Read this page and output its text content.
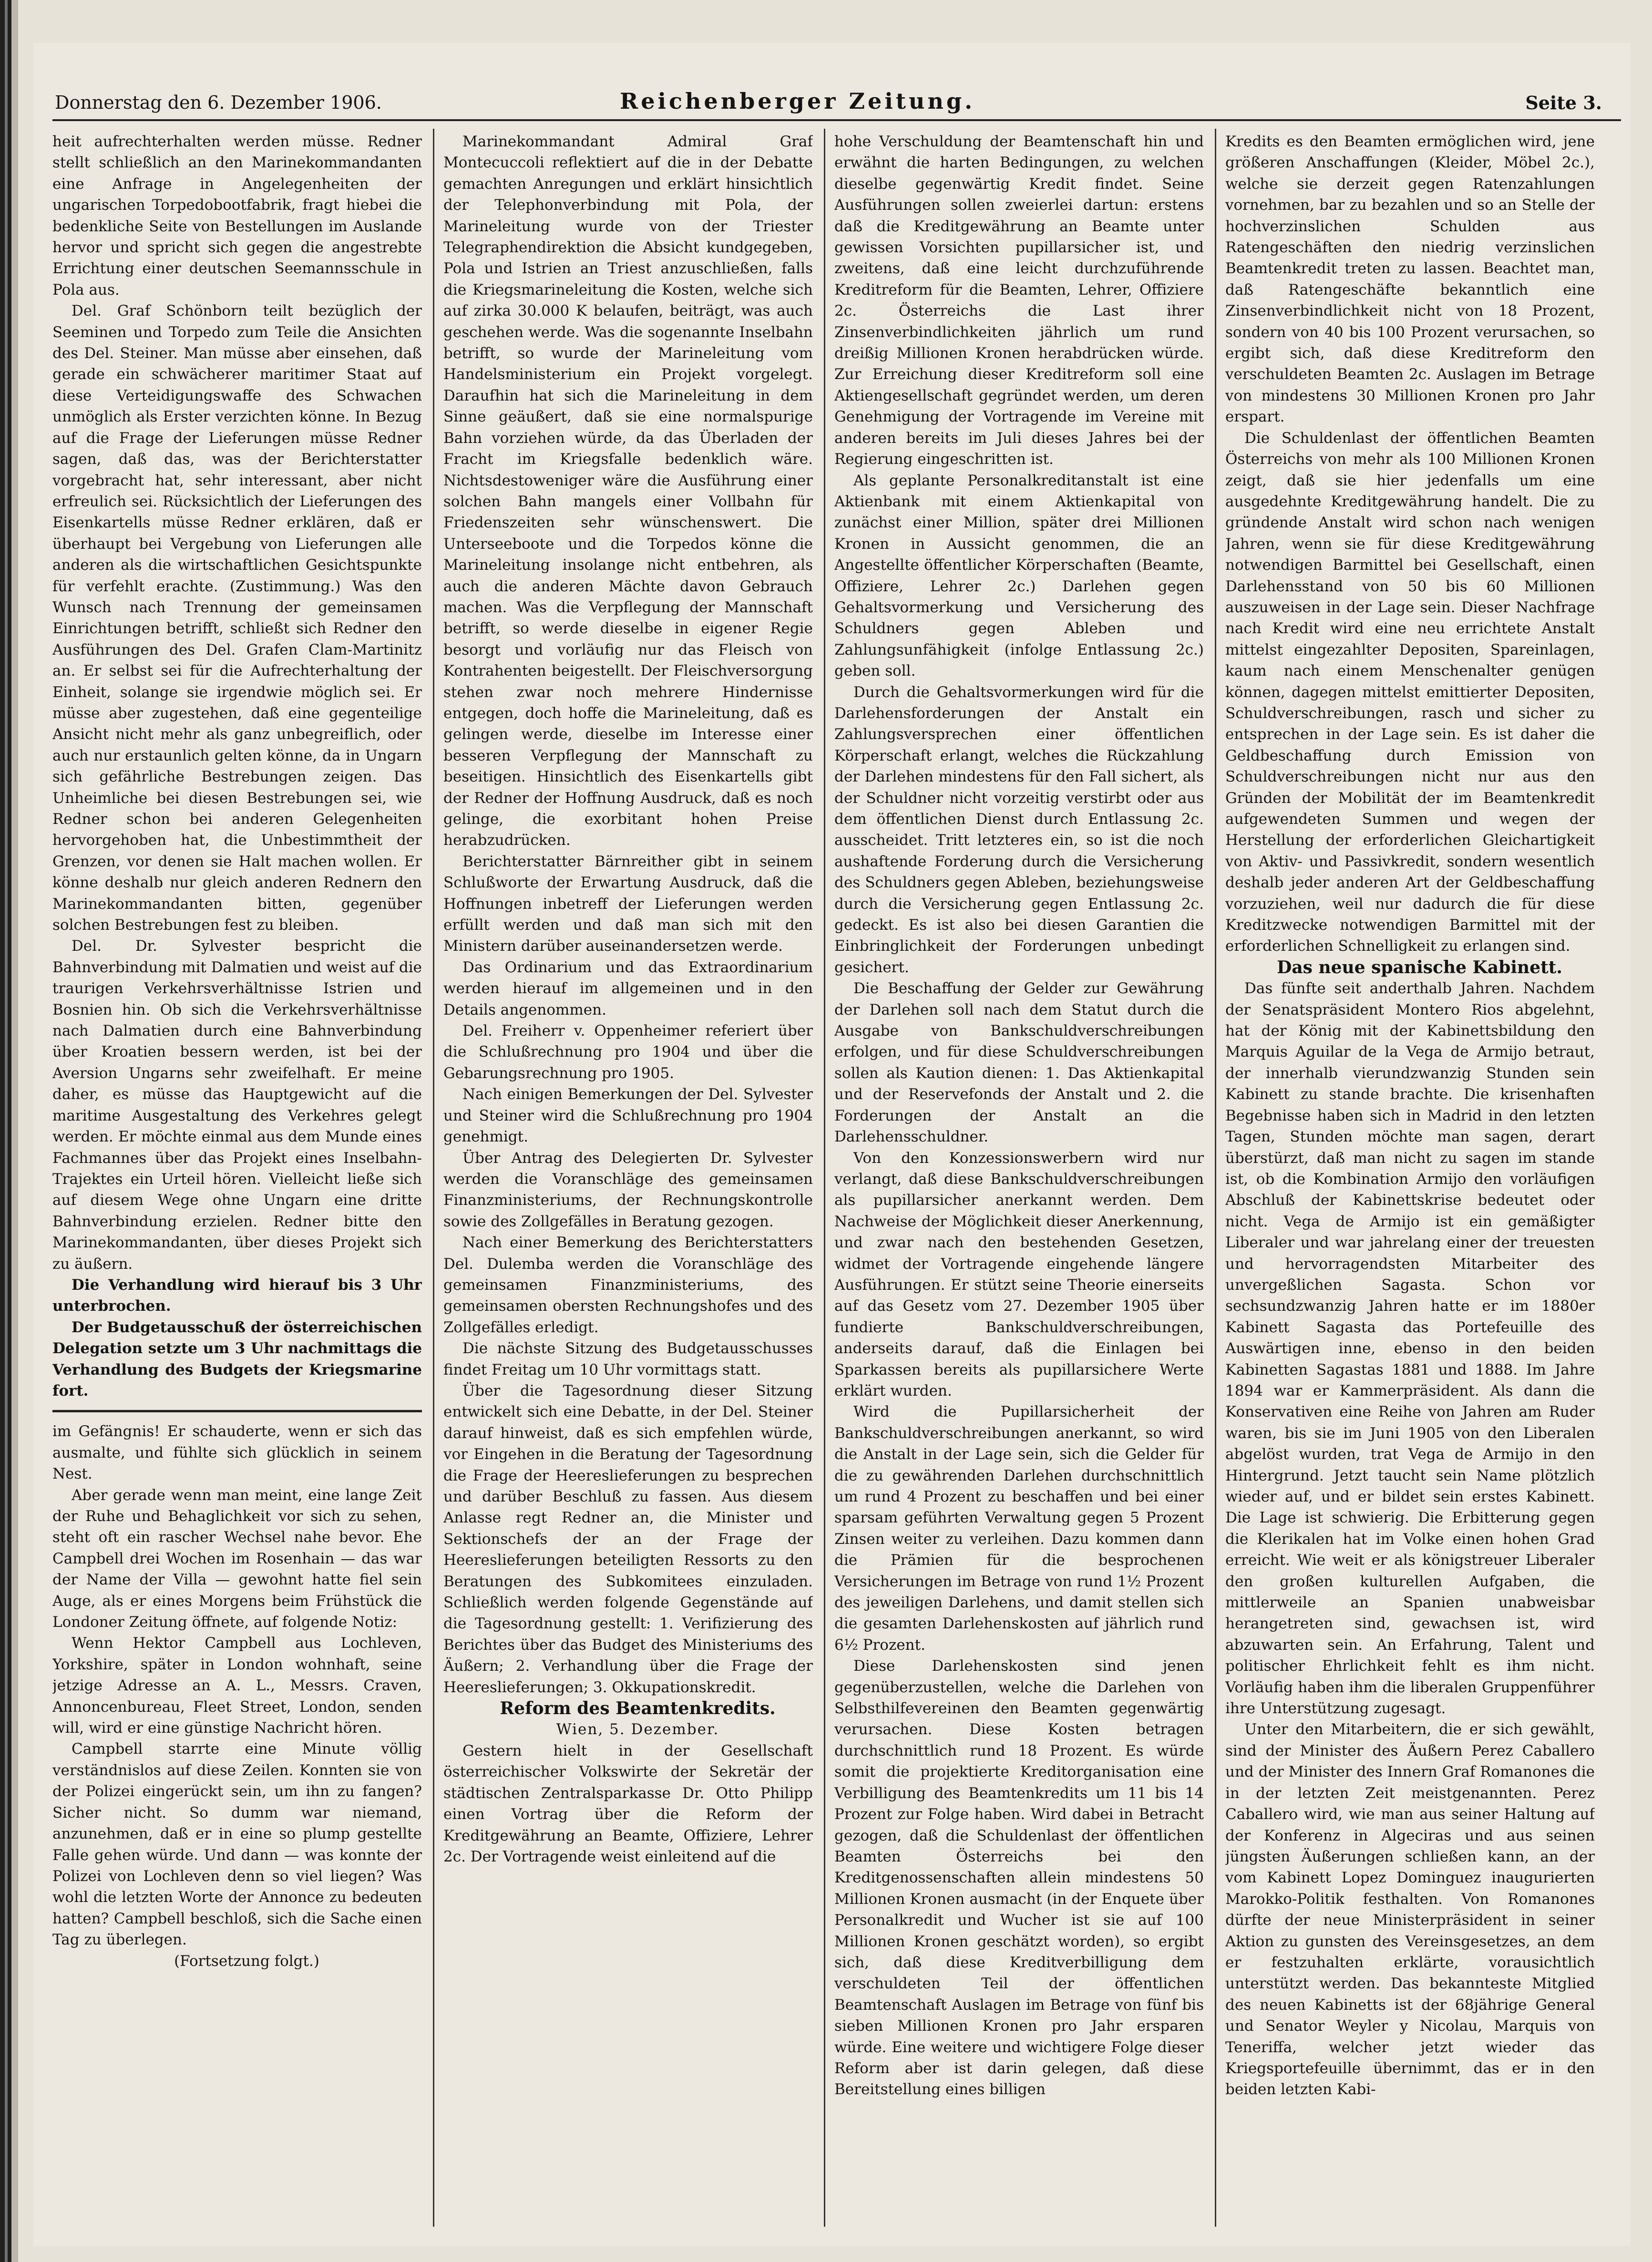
Donnerstag den 6. Dezember 1906.	Reichenberger Zeitung.	Seite 3.

heit aufrechterhalten werden müsse. Redner stellt schließlich an den Marinekommandanten eine Anfrage in Angelegenheiten der ungarischen Torpedobootfabrik, fragt hiebei die bedenkliche Seite von Bestellungen im Auslande hervor und spricht sich gegen die angestrebte Errichtung einer deutschen Seemannsschule in Pola aus.

Del. Graf Schönborn teilt bezüglich der Seeminen und Torpedo zum Teile die Ansichten des Del. Steiner. Man müsse aber einsehen, daß gerade ein schwächerer maritimer Staat auf diese Verteidigungswaffe des Schwachen unmöglich als Erster verzichten könne. In Bezug auf die Frage der Lieferungen müsse Redner sagen, daß das, was der Berichterstatter vorgebracht hat, sehr interessant, aber nicht erfreulich sei. Rücksichtlich der Lieferungen des Eisenkartells müsse Redner erklären, daß er überhaupt bei Vergebung von Lieferungen alle anderen als die wirtschaftlichen Gesichtspunkte für verfehlt erachte. (Zustimmung.) Was den Wunsch nach Trennung der gemeinsamen Einrichtungen betrifft, schließt sich Redner den Ausführungen des Del. Grafen Clam-Martinitz an. Er selbst sei für die Aufrechterhaltung der Einheit, solange sie irgendwie möglich sei. Er müsse aber zugestehen, daß eine gegenteilige Ansicht nicht mehr als ganz unbegreiflich, oder auch nur erstaunlich gelten könne, da in Ungarn sich gefährliche Bestrebungen zeigen. Das Unheimliche bei diesen Bestrebungen sei, wie Redner schon bei anderen Gelegenheiten hervorgehoben hat, die Unbestimmtheit der Grenzen, vor denen sie Halt machen wollen. Er könne deshalb nur gleich anderen Rednern den Marinekommandanten bitten, gegenüber solchen Bestrebungen fest zu bleiben.

Del. Dr. Sylvester bespricht die Bahnverbindung mit Dalmatien und weist auf die traurigen Verkehrsverhältnisse Istrien und Bosnien hin. Ob sich die Verkehrsverhältnisse nach Dalmatien durch eine Bahnverbindung über Kroatien bessern werden, ist bei der Aversion Ungarns sehr zweifelhaft. Er meine daher, es müsse das Hauptgewicht auf die maritime Ausgestaltung des Verkehres gelegt werden. Er möchte einmal aus dem Munde eines Fachmannes über das Projekt eines Inselbahn-Trajektes ein Urteil hören. Vielleicht ließe sich auf diesem Wege ohne Ungarn eine dritte Bahnverbindung erzielen. Redner bitte den Marinekommandanten, über dieses Projekt sich zu äußern.

Die Verhandlung wird hierauf bis 3 Uhr unterbrochen.

Der Budgetausschuß der österreichischen Delegation setzte um 3 Uhr nachmittags die Verhandlung des Budgets der Kriegsmarine fort.

im Gefängnis! Er schauderte, wenn er sich das ausmalte, und fühlte sich glücklich in seinem Nest.

Aber gerade wenn man meint, eine lange Zeit der Ruhe und Behaglichkeit vor sich zu sehen, steht oft ein rascher Wechsel nahe bevor. Ehe Campbell drei Wochen im Rosenhain — das war der Name der Villa — gewohnt hatte fiel sein Auge, als er eines Morgens beim Frühstück die Londoner Zeitung öffnete, auf folgende Notiz:

Wenn Hektor Campbell aus Lochleven, Yorkshire, später in London wohnhaft, seine jetzige Adresse an A. L., Messrs. Craven, Annoncenbureau, Fleet Street, London, senden will, wird er eine günstige Nachricht hören.

Campbell starrte eine Minute völlig verständnislos auf diese Zeilen. Konnten sie von der Polizei eingerückt sein, um ihn zu fangen? Sicher nicht. So dumm war niemand, anzunehmen, daß er in eine so plump gestellte Falle gehen würde. Und dann — was konnte der Polizei von Lochleven denn so viel liegen? Was wohl die letzten Worte der Annonce zu bedeuten hatten? Campbell beschloß, sich die Sache einen Tag zu überlegen.

(Fortsetzung folgt.)

Marinekommandant Admiral Graf Montecuccoli reflektiert auf die in der Debatte gemachten Anregungen und erklärt hinsichtlich der Telephonverbindung mit Pola, der Marineleitung wurde von der Triester Telegraphendirektion die Absicht kundgegeben, Pola und Istrien an Triest anzuschließen, falls die Kriegsmarineleitung die Kosten, welche sich auf zirka 30.000 K belaufen, beiträgt, was auch geschehen werde. Was die sogenannte Inselbahn betrifft, so wurde der Marineleitung vom Handelsministerium ein Projekt vorgelegt. Daraufhin hat sich die Marineleitung in dem Sinne geäußert, daß sie eine normalspurige Bahn vorziehen würde, da das Überladen der Fracht im Kriegsfalle bedenklich wäre. Nichtsdestoweniger wäre die Ausführung einer solchen Bahn mangels einer Vollbahn für Friedenszeiten sehr wünschenswert. Die Unterseeboote und die Torpedos könne die Marineleitung insolange nicht entbehren, als auch die anderen Mächte davon Gebrauch machen. Was die Verpflegung der Mannschaft betrifft, so werde dieselbe in eigener Regie besorgt und vorläufig nur das Fleisch von Kontrahenten beigestellt. Der Fleischversorgung stehen zwar noch mehrere Hindernisse entgegen, doch hoffe die Marineleitung, daß es gelingen werde, dieselbe im Interesse einer besseren Verpflegung der Mannschaft zu beseitigen. Hinsichtlich des Eisenkartells gibt der Redner der Hoffnung Ausdruck, daß es noch gelinge, die exorbitant hohen Preise herabzudrücken.

Berichterstatter Bärnreither gibt in seinem Schlußworte der Erwartung Ausdruck, daß die Hoffnungen inbetreff der Lieferungen werden erfüllt werden und daß man sich mit den Ministern darüber auseinandersetzen werde.

Das Ordinarium und das Extraordinarium werden hierauf im allgemeinen und in den Details angenommen.

Del. Freiherr v. Oppenheimer referiert über die Schlußrechnung pro 1904 und über die Gebarungsrechnung pro 1905.

Nach einigen Bemerkungen der Del. Sylvester und Steiner wird die Schlußrechnung pro 1904 genehmigt.

Über Antrag des Delegierten Dr. Sylvester werden die Voranschläge des gemeinsamen Finanzministeriums, der Rechnungskontrolle sowie des Zollgefälles in Beratung gezogen.

Nach einer Bemerkung des Berichterstatters Del. Dulemba werden die Voranschläge des gemeinsamen Finanzministeriums, des gemeinsamen obersten Rechnungshofes und des Zollgefälles erledigt.

Die nächste Sitzung des Budgetausschusses findet Freitag um 10 Uhr vormittags statt.

Über die Tagesordnung dieser Sitzung entwickelt sich eine Debatte, in der Del. Steiner darauf hinweist, daß es sich empfehlen würde, vor Eingehen in die Beratung der Tagesordnung die Frage der Heereslieferungen zu besprechen und darüber Beschluß zu fassen. Aus diesem Anlasse regt Redner an, die Minister und Sektionschefs der an der Frage der Heereslieferungen beteiligten Ressorts zu den Beratungen des Subkomitees einzuladen. Schließlich werden folgende Gegenstände auf die Tagesordnung gestellt: 1. Verifizierung des Berichtes über das Budget des Ministeriums des Äußern; 2. Verhandlung über die Frage der Heereslieferungen; 3. Okkupationskredit.

Reform des Beamtenkredits.

Wien, 5. Dezember.

Gestern hielt in der Gesellschaft österreichischer Volkswirte der Sekretär der städtischen Zentralsparkasse Dr. Otto Philipp einen Vortrag über die Reform der Kreditgewährung an Beamte, Offiziere, Lehrer 2c. Der Vortragende weist einleitend auf die

hohe Verschuldung der Beamtenschaft hin und erwähnt die harten Bedingungen, zu welchen dieselbe gegenwärtig Kredit findet. Seine Ausführungen sollen zweierlei dartun: erstens daß die Kreditgewährung an Beamte unter gewissen Vorsichten pupillarsicher ist, und zweitens, daß eine leicht durchzuführende Kreditreform für die Beamten, Lehrer, Offiziere 2c. Österreichs die Last ihrer Zinsenverbindlichkeiten jährlich um rund dreißig Millionen Kronen herabdrücken würde. Zur Erreichung dieser Kreditreform soll eine Aktiengesellschaft gegründet werden, um deren Genehmigung der Vortragende im Vereine mit anderen bereits im Juli dieses Jahres bei der Regierung eingeschritten ist.

Als geplante Personalkreditanstalt ist eine Aktienbank mit einem Aktienkapital von zunächst einer Million, später drei Millionen Kronen in Aussicht genommen, die an Angestellte öffentlicher Körperschaften (Beamte, Offiziere, Lehrer 2c.) Darlehen gegen Gehaltsvormerkung und Versicherung des Schuldners gegen Ableben und Zahlungsunfähigkeit (infolge Entlassung 2c.) geben soll.

Durch die Gehaltsvormerkungen wird für die Darlehensforderungen der Anstalt ein Zahlungsversprechen einer öffentlichen Körperschaft erlangt, welches die Rückzahlung der Darlehen mindestens für den Fall sichert, als der Schuldner nicht vorzeitig verstirbt oder aus dem öffentlichen Dienst durch Entlassung 2c. ausscheidet. Tritt letzteres ein, so ist die noch aushaftende Forderung durch die Versicherung des Schuldners gegen Ableben, beziehungsweise durch die Versicherung gegen Entlassung 2c. gedeckt. Es ist also bei diesen Garantien die Einbringlichkeit der Forderungen unbedingt gesichert.

Die Beschaffung der Gelder zur Gewährung der Darlehen soll nach dem Statut durch die Ausgabe von Bankschuldverschreibungen erfolgen, und für diese Schuldverschreibungen sollen als Kaution dienen: 1. Das Aktienkapital und der Reservefonds der Anstalt und 2. die Forderungen der Anstalt an die Darlehensschuldner.

Von den Konzessionswerbern wird nur verlangt, daß diese Bankschuldverschreibungen als pupillarsicher anerkannt werden. Dem Nachweise der Möglichkeit dieser Anerkennung, und zwar nach den bestehenden Gesetzen, widmet der Vortragende eingehende längere Ausführungen. Er stützt seine Theorie einerseits auf das Gesetz vom 27. Dezember 1905 über fundierte Bankschuldverschreibungen, anderseits darauf, daß die Einlagen bei Sparkassen bereits als pupillarsichere Werte erklärt wurden.

Wird die Pupillarsicherheit der Bankschuldverschreibungen anerkannt, so wird die Anstalt in der Lage sein, sich die Gelder für die zu gewährenden Darlehen durchschnittlich um rund 4 Prozent zu beschaffen und bei einer sparsam geführten Verwaltung gegen 5 Prozent Zinsen weiter zu verleihen. Dazu kommen dann die Prämien für die besprochenen Versicherungen im Betrage von rund 1½ Prozent des jeweiligen Darlehens, und damit stellen sich die gesamten Darlehenskosten auf jährlich rund 6½ Prozent.

Diese Darlehenskosten sind jenen gegenüberzustellen, welche die Darlehen von Selbsthilfevereinen den Beamten gegenwärtig verursachen. Diese Kosten betragen durchschnittlich rund 18 Prozent. Es würde somit die projektierte Kreditorganisation eine Verbilligung des Beamtenkredits um 11 bis 14 Prozent zur Folge haben. Wird dabei in Betracht gezogen, daß die Schuldenlast der öffentlichen Beamten Österreichs bei den Kreditgenossenschaften allein mindestens 50 Millionen Kronen ausmacht (in der Enquete über Personalkredit und Wucher ist sie auf 100 Millionen Kronen geschätzt worden), so ergibt sich, daß diese Kreditverbilligung dem verschuldeten Teil der öffentlichen Beamtenschaft Auslagen im Betrage von fünf bis sieben Millionen Kronen pro Jahr ersparen würde. Eine weitere und wichtigere Folge dieser Reform aber ist darin gelegen, daß diese Bereitstellung eines billigen

Kredits es den Beamten ermöglichen wird, jene größeren Anschaffungen (Kleider, Möbel 2c.), welche sie derzeit gegen Ratenzahlungen vornehmen, bar zu bezahlen und so an Stelle der hochverzinslichen Schulden aus Ratengeschäften den niedrig verzinslichen Beamtenkredit treten zu lassen. Beachtet man, daß Ratengeschäfte bekanntlich eine Zinsenverbindlichkeit nicht von 18 Prozent, sondern von 40 bis 100 Prozent verursachen, so ergibt sich, daß diese Kreditreform den verschuldeten Beamten 2c. Auslagen im Betrage von mindestens 30 Millionen Kronen pro Jahr erspart.

Die Schuldenlast der öffentlichen Beamten Österreichs von mehr als 100 Millionen Kronen zeigt, daß sie hier jedenfalls um eine ausgedehnte Kreditgewährung handelt. Die zu gründende Anstalt wird schon nach wenigen Jahren, wenn sie für diese Kreditgewährung notwendigen Barmittel bei Gesellschaft, einen Darlehensstand von 50 bis 60 Millionen auszuweisen in der Lage sein. Dieser Nachfrage nach Kredit wird eine neu errichtete Anstalt mittelst eingezahlter Depositen, Spareinlagen, kaum nach einem Menschenalter genügen können, dagegen mittelst emittierter Depositen, Schuldverschreibungen, rasch und sicher zu entsprechen in der Lage sein. Es ist daher die Geldbeschaffung durch Emission von Schuldverschreibungen nicht nur aus den Gründen der Mobilität der im Beamtenkredit aufgewendeten Summen und wegen der Herstellung der erforderlichen Gleichartigkeit von Aktiv- und Passivkredit, sondern wesentlich deshalb jeder anderen Art der Geldbeschaffung vorzuziehen, weil nur dadurch die für diese Kreditzwecke notwendigen Barmittel mit der erforderlichen Schnelligkeit zu erlangen sind.

Das neue spanische Kabinett.

Das fünfte seit anderthalb Jahren. Nachdem der Senatspräsident Montero Rios abgelehnt, hat der König mit der Kabinettsbildung den Marquis Aguilar de la Vega de Armijo betraut, der innerhalb vierundzwanzig Stunden sein Kabinett zu stande brachte. Die krisenhaften Begebnisse haben sich in Madrid in den letzten Tagen, Stunden möchte man sagen, derart überstürzt, daß man nicht zu sagen im stande ist, ob die Kombination Armijo den vorläufigen Abschluß der Kabinettskrise bedeutet oder nicht. Vega de Armijo ist ein gemäßigter Liberaler und war jahrelang einer der treuesten und hervorragendsten Mitarbeiter des unvergeßlichen Sagasta. Schon vor sechsundzwanzig Jahren hatte er im 1880er Kabinett Sagasta das Portefeuille des Auswärtigen inne, ebenso in den beiden Kabinetten Sagastas 1881 und 1888. Im Jahre 1894 war er Kammerpräsident. Als dann die Konservativen eine Reihe von Jahren am Ruder waren, bis sie im Juni 1905 von den Liberalen abgelöst wurden, trat Vega de Armijo in den Hintergrund. Jetzt taucht sein Name plötzlich wieder auf, und er bildet sein erstes Kabinett. Die Lage ist schwierig. Die Erbitterung gegen die Klerikalen hat im Volke einen hohen Grad erreicht. Wie weit er als königstreuer Liberaler den großen kulturellen Aufgaben, die mittlerweile an Spanien unabweisbar herangetreten sind, gewachsen ist, wird abzuwarten sein. An Erfahrung, Talent und politischer Ehrlichkeit fehlt es ihm nicht. Vorläufig haben ihm die liberalen Gruppenführer ihre Unterstützung zugesagt.

Unter den Mitarbeitern, die er sich gewählt, sind der Minister des Äußern Perez Caballero und der Minister des Innern Graf Romanones die in der letzten Zeit meistgenannten. Perez Caballero wird, wie man aus seiner Haltung auf der Konferenz in Algeciras und aus seinen jüngsten Äußerungen schließen kann, an der vom Kabinett Lopez Dominguez inaugurierten Marokko-Politik festhalten. Von Romanones dürfte der neue Ministerpräsident in seiner Aktion zu gunsten des Vereinsgesetzes, an dem er festzuhalten erklärte, vorausichtlich unterstützt werden. Das bekannteste Mitglied des neuen Kabinetts ist der 68jährige General und Senator Weyler y Nicolau, Marquis von Teneriffa, welcher jetzt wieder das Kriegsportefeuille übernimmt, das er in den beiden letzten Kabi-
